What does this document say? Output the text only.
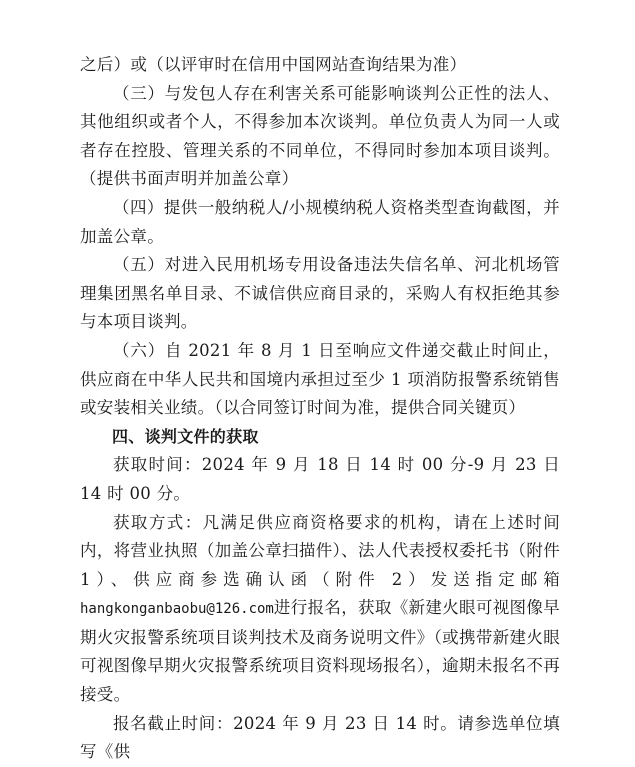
之后）或（以评审时在信用中国网站查询结果为准）

（三）与发包人存在利害关系可能影响谈判公正性的法人、其他组织或者个人，不得参加本次谈判。单位负责人为同一人或者存在控股、管理关系的不同单位，不得同时参加本项目谈判。（提供书面声明并加盖公章）

（四）提供一般纳税人/小规模纳税人资格类型查询截图，并加盖公章。

（五）对进入民用机场专用设备违法失信名单、河北机场管理集团黑名单目录、不诚信供应商目录的，采购人有权拒绝其参与本项目谈判。

（六）自 2021 年 8 月 1 日至响应文件递交截止时间止，供应商在中华人民共和国境内承担过至少 1 项消防报警系统销售或安装相关业绩。（以合同签订时间为准，提供合同关键页）

四、谈判文件的获取

获取时间：2024 年 9 月 18 日 14 时 00 分-9 月 23 日 14 时 00 分。

获取方式：凡满足供应商资格要求的机构，请在上述时间内，将营业执照（加盖公章扫描件）、法人代表授权委托书（附件 1）、供应商参选确认函（附件 2）发送指定邮箱hangkonganbaobu@126.com进行报名，获取《新建火眼可视图像早期火灾报警系统项目谈判技术及商务说明文件》（或携带新建火眼可视图像早期火灾报警系统项目资料现场报名），逾期未报名不再接受。

报名截止时间：2024 年 9 月 23 日 14 时。请参选单位填写《供
